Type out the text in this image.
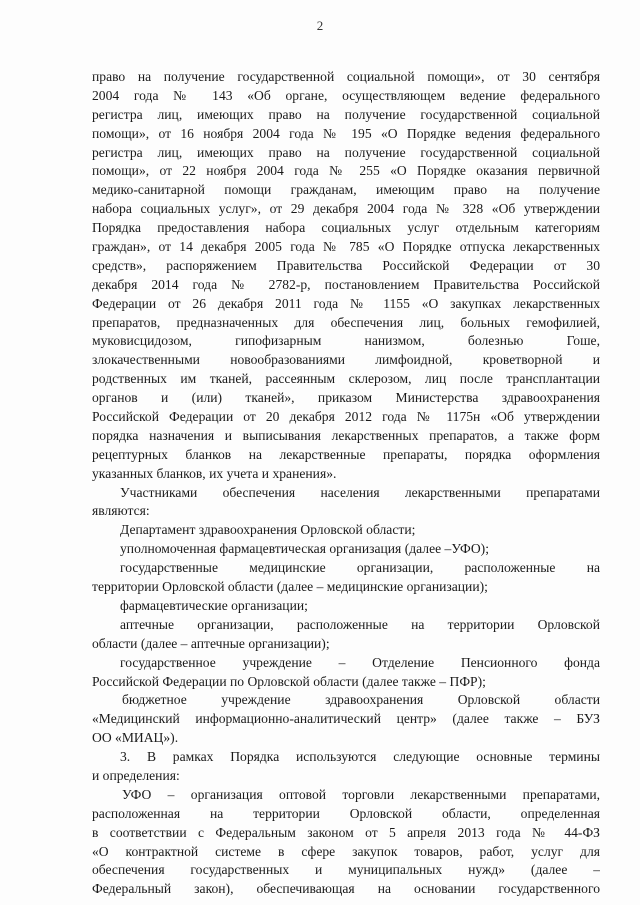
2
право на получение государственной социальной помощи», от 30 сентября
2004 года № 143 «Об органе, осуществляющем ведение федерального
регистра лиц, имеющих право на получение государственной социальной
помощи», от 16 ноября 2004 года № 195 «О Порядке ведения федерального
регистра лиц, имеющих право на получение государственной социальной
помощи», от 22 ноября 2004 года № 255 «О Порядке оказания первичной
медико-санитарной помощи гражданам, имеющим право на получение
набора социальных услуг», от 29 декабря 2004 года № 328 «Об утверждении
Порядка предоставления набора социальных услуг отдельным категориям
граждан», от 14 декабря 2005 года № 785 «О Порядке отпуска лекарственных
средств», распоряжением Правительства Российской Федерации от 30
декабря 2014 года № 2782-р, постановлением Правительства Российской
Федерации от 26 декабря 2011 года № 1155 «О закупках лекарственных
препаратов, предназначенных для обеспечения лиц, больных гемофилией,
муковисцидозом, гипофизарным нанизмом, болезнью Гоше,
злокачественными новообразованиями лимфоидной, кроветворной и
родственных им тканей, рассеянным склерозом, лиц после трансплантации
органов и (или) тканей», приказом Министерства здравоохранения
Российской Федерации от 20 декабря 2012 года № 1175н «Об утверждении
порядка назначения и выписывания лекарственных препаратов, а также форм
рецептурных бланков на лекарственные препараты, порядка оформления
указанных бланков, их учета и хранения».
Участниками обеспечения населения лекарственными препаратами
являются:
Департамент здравоохранения Орловской области;
уполномоченная фармацевтическая организация (далее –УФО);
государственные медицинские организации, расположенные на
территории Орловской области (далее – медицинские организации);
фармацевтические организации;
аптечные организации, расположенные на территории Орловской
области (далее – аптечные организации);
государственное учреждение – Отделение Пенсионного фонда
Российской Федерации по Орловской области (далее также – ПФР);
бюджетное учреждение здравоохранения Орловской области
«Медицинский информационно-аналитический центр» (далее также – БУЗ
ОО «МИАЦ»).
3. В рамках Порядка используются следующие основные термины
и определения:
УФО – организация оптовой торговли лекарственными препаратами,
расположенная на территории Орловской области, определенная
в соответствии с Федеральным законом от 5 апреля 2013 года № 44-ФЗ
«О контрактной системе в сфере закупок товаров, работ, услуг для
обеспечения государственных и муниципальных нужд» (далее –
Федеральный закон), обеспечивающая на основании государственного
